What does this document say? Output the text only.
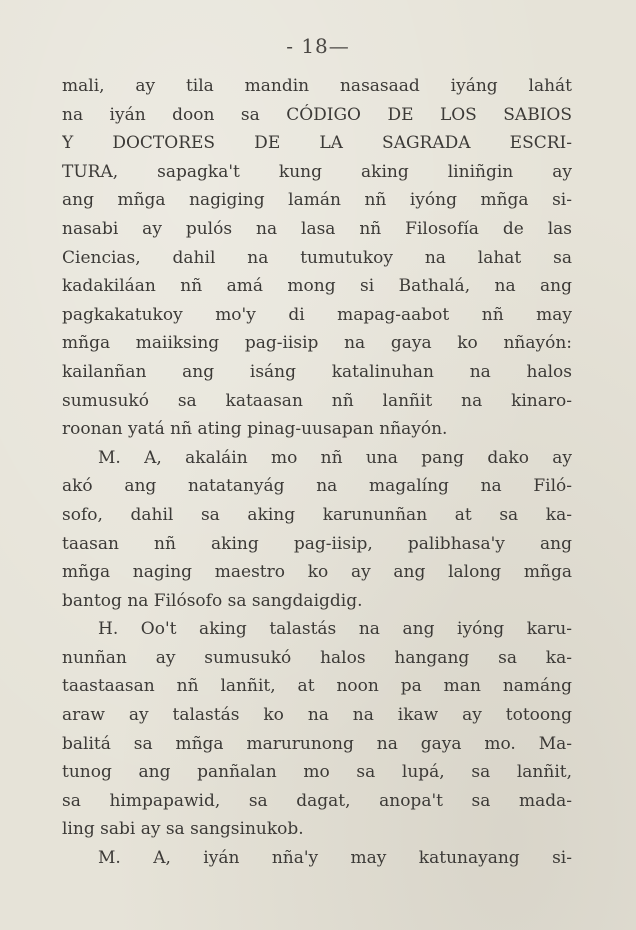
- 18—
mali, ay tila mandin nasasaad iyáng lahát
na iyán doon sa CÓDIGO DE LOS SABIOS
Y DOCTORES DE LA SAGRADA ESCRI-
TURA, sapagka't kung aking liniñgin ay
ang mñga nagiging lamán nñ iyóng mñga si-
nasabi ay pulós na lasa nñ Filosofía de las
Ciencias, dahil na tumutukoy na lahat sa
kadakiláan nñ amá mong si Bathalá, na ang
pagkakatukoy mo'y di mapag-aabot nñ may
mñga maiiksing pag-iisip na gaya ko nñayón:
kailanñan ang isáng katalinuhan na halos
sumusukó sa kataasan nñ lanñit na kinaro-
roonan yatá nñ ating pinag-uusapan nñayón.
M. A, akaláin mo nñ una pang dako ay
akó ang natatanyág na magalíng na Filó-
sofo, dahil sa aking karununñan at sa ka-
taasan nñ aking pag-iisip, palibhasa'y ang
mñga naging maestro ko ay ang lalong mñga
bantog na Filósofo sa sangdaigdig.
H. Oo't aking talastás na ang iyóng karu-
nunñan ay sumusukó halos hangang sa ka-
taastaasan nñ lanñit, at noon pa man namáng
araw ay talastás ko na na ikaw ay totoong
balitá sa mñga marurunong na gaya mo. Ma-
tunog ang panñalan mo sa lupá, sa lanñit,
sa himpapawid, sa dagat, anopa't sa mada-
ling sabi ay sa sangsinukob.
M. A, iyán nña'y may katunayang si-
